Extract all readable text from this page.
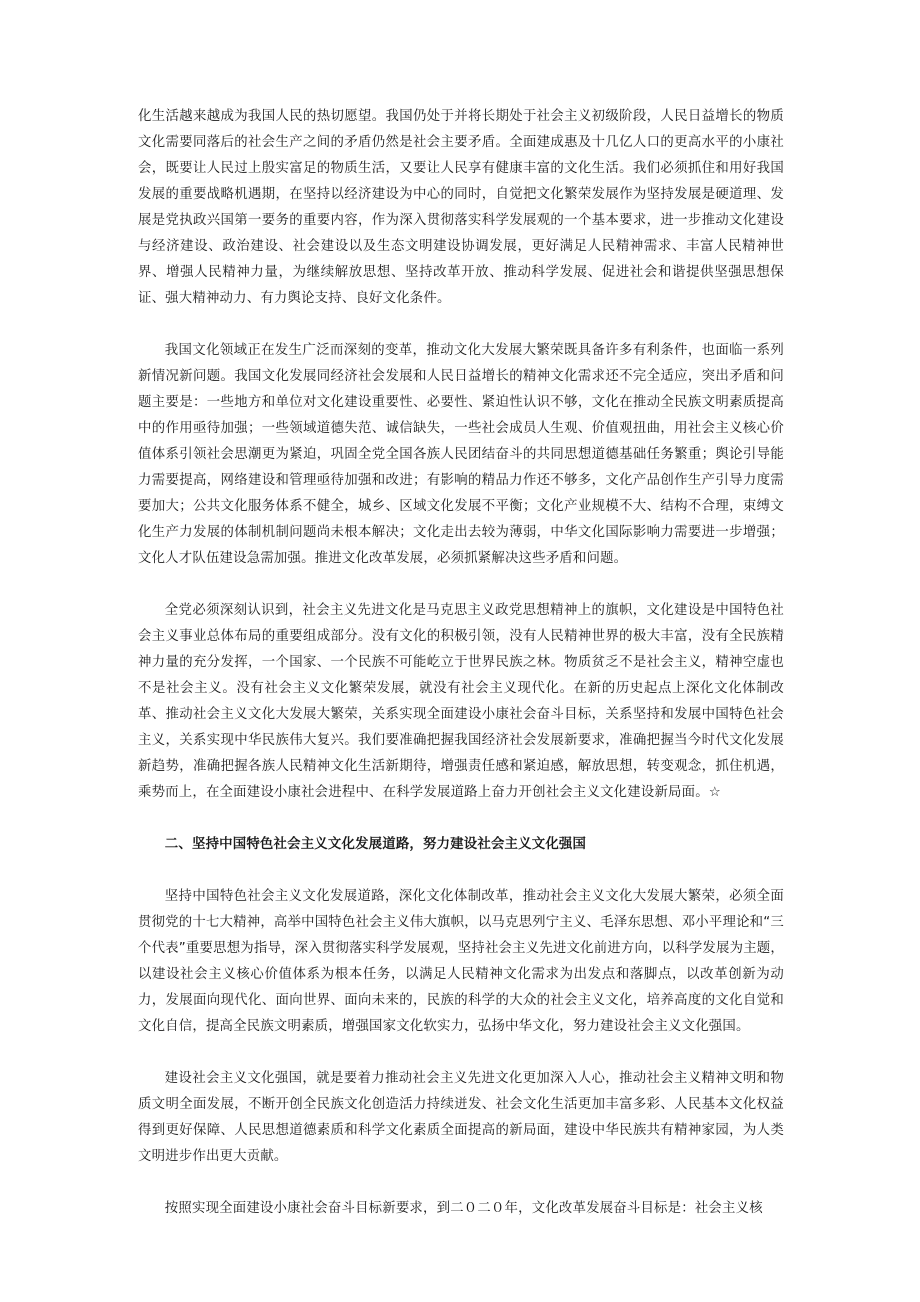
化生活越来越成为我国人民的热切愿望。我国仍处于并将长期处于社会主义初级阶段，人民日益增长的物质文化需要同落后的社会生产之间的矛盾仍然是社会主要矛盾。全面建成惠及十几亿人口的更高水平的小康社会，既要让人民过上殷实富足的物质生活，又要让人民享有健康丰富的文化生活。我们必须抓住和用好我国发展的重要战略机遇期，在坚持以经济建设为中心的同时，自觉把文化繁荣发展作为坚持发展是硬道理、发展是党执政兴国第一要务的重要内容，作为深入贯彻落实科学发展观的一个基本要求，进一步推动文化建设与经济建设、政治建设、社会建设以及生态文明建设协调发展，更好满足人民精神需求、丰富人民精神世界、增强人民精神力量，为继续解放思想、坚持改革开放、推动科学发展、促进社会和谐提供坚强思想保证、强大精神动力、有力舆论支持、良好文化条件。

我国文化领域正在发生广泛而深刻的变革，推动文化大发展大繁荣既具备许多有利条件，也面临一系列新情况新问题。我国文化发展同经济社会发展和人民日益增长的精神文化需求还不完全适应，突出矛盾和问题主要是：一些地方和单位对文化建设重要性、必要性、紧迫性认识不够，文化在推动全民族文明素质提高中的作用亟待加强；一些领域道德失范、诚信缺失，一些社会成员人生观、价值观扭曲，用社会主义核心价值体系引领社会思潮更为紧迫，巩固全党全国各族人民团结奋斗的共同思想道德基础任务繁重；舆论引导能力需要提高，网络建设和管理亟待加强和改进；有影响的精品力作还不够多，文化产品创作生产引导力度需要加大；公共文化服务体系不健全，城乡、区域文化发展不平衡；文化产业规模不大、结构不合理，束缚文化生产力发展的体制机制问题尚未根本解决；文化走出去较为薄弱，中华文化国际影响力需要进一步增强；文化人才队伍建设急需加强。推进文化改革发展，必须抓紧解决这些矛盾和问题。

全党必须深刻认识到，社会主义先进文化是马克思主义政党思想精神上的旗帜，文化建设是中国特色社会主义事业总体布局的重要组成部分。没有文化的积极引领，没有人民精神世界的极大丰富，没有全民族精神力量的充分发挥，一个国家、一个民族不可能屹立于世界民族之林。物质贫乏不是社会主义，精神空虚也不是社会主义。没有社会主义文化繁荣发展，就没有社会主义现代化。在新的历史起点上深化文化体制改革、推动社会主义文化大发展大繁荣，关系实现全面建设小康社会奋斗目标，关系坚持和发展中国特色社会主义，关系实现中华民族伟大复兴。我们要准确把握我国经济社会发展新要求，准确把握当今时代文化发展新趋势，准确把握各族人民精神文化生活新期待，增强责任感和紧迫感，解放思想，转变观念，抓住机遇，乘势而上，在全面建设小康社会进程中、在科学发展道路上奋力开创社会主义文化建设新局面。☆

二、坚持中国特色社会主义文化发展道路，努力建设社会主义文化强国

坚持中国特色社会主义文化发展道路，深化文化体制改革，推动社会主义文化大发展大繁荣，必须全面贯彻党的十七大精神，高举中国特色社会主义伟大旗帜，以马克思列宁主义、毛泽东思想、邓小平理论和“三个代表”重要思想为指导，深入贯彻落实科学发展观，坚持社会主义先进文化前进方向，以科学发展为主题，以建设社会主义核心价值体系为根本任务，以满足人民精神文化需求为出发点和落脚点，以改革创新为动力，发展面向现代化、面向世界、面向未来的，民族的科学的大众的社会主义文化，培养高度的文化自觉和文化自信，提高全民族文明素质，增强国家文化软实力，弘扬中华文化，努力建设社会主义文化强国。

建设社会主义文化强国，就是要着力推动社会主义先进文化更加深入人心，推动社会主义精神文明和物质文明全面发展，不断开创全民族文化创造活力持续迸发、社会文化生活更加丰富多彩、人民基本文化权益得到更好保障、人民思想道德素质和科学文化素质全面提高的新局面，建设中华民族共有精神家园，为人类文明进步作出更大贡献。

按照实现全面建设小康社会奋斗目标新要求，到二０二０年，文化改革发展奋斗目标是：社会主义核
